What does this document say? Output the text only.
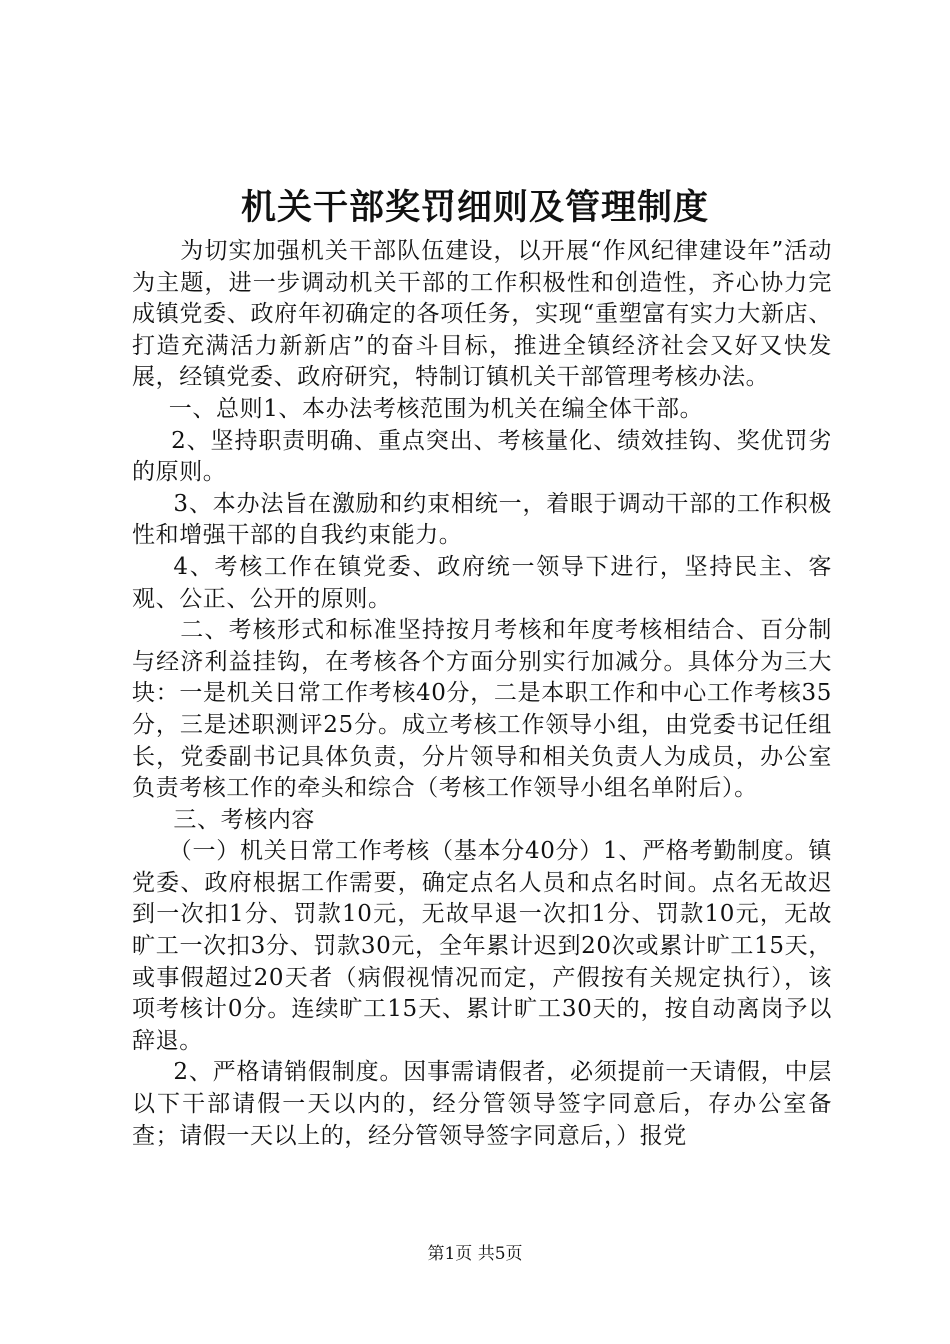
机关干部奖罚细则及管理制度

为切实加强机关干部队伍建设，以开展“作风纪律建设年”活动为主题，进一步调动机关干部的工作积极性和创造性，齐心协力完成镇党委、政府年初确定的各项任务，实现“重塑富有实力大新店、打造充满活力新新店”的奋斗目标，推进全镇经济社会又好又快发展，经镇党委、政府研究，特制订镇机关干部管理考核办法。

一、总则1、本办法考核范围为机关在编全体干部。

2、坚持职责明确、重点突出、考核量化、绩效挂钩、奖优罚劣的原则。

3、本办法旨在激励和约束相统一，着眼于调动干部的工作积极性和增强干部的自我约束能力。

4、考核工作在镇党委、政府统一领导下进行，坚持民主、客观、公正、公开的原则。

二、考核形式和标准坚持按月考核和年度考核相结合、百分制与经济利益挂钩，在考核各个方面分别实行加减分。具体分为三大块：一是机关日常工作考核40分，二是本职工作和中心工作考核35分，三是述职测评25分。成立考核工作领导小组，由党委书记任组长，党委副书记具体负责，分片领导和相关负责人为成员，办公室负责考核工作的牵头和综合（考核工作领导小组名单附后）。

三、考核内容

（一）机关日常工作考核（基本分40分）1、严格考勤制度。镇党委、政府根据工作需要，确定点名人员和点名时间。点名无故迟到一次扣1分、罚款10元，无故早退一次扣1分、罚款10元，无故旷工一次扣3分、罚款30元，全年累计迟到20次或累计旷工15天，或事假超过20天者（病假视情况而定，产假按有关规定执行），该项考核计0分。连续旷工15天、累计旷工30天的，按自动离岗予以辞退。

2、严格请销假制度。因事需请假者，必须提前一天请假，中层以下干部请假一天以内的，经分管领导签字同意后，存办公室备查；请假一天以上的，经分管领导签字同意后，）报党

第1页 共5页
